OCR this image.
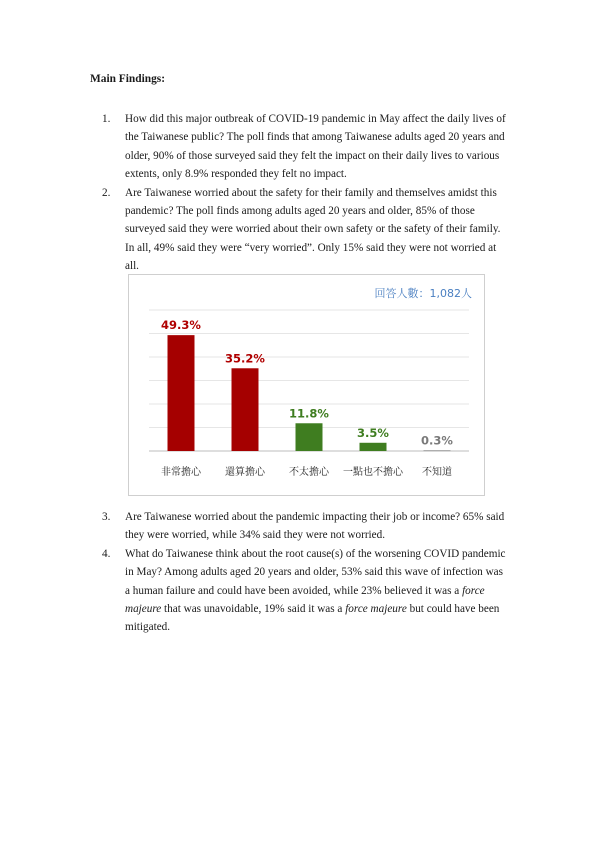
Main Findings:
1. How did this major outbreak of COVID-19 pandemic in May affect the daily lives of the Taiwanese public? The poll finds that among Taiwanese adults aged 20 years and older, 90% of those surveyed said they felt the impact on their daily lives to various extents, only 8.9% responded they felt no impact.
2. Are Taiwanese worried about the safety for their family and themselves amidst this pandemic? The poll finds among adults aged 20 years and older, 85% of those surveyed said they were worried about their own safety or the safety of their family. In all, 49% said they were “very worried”. Only 15% said they were not worried at all.
回答人數：1,082人
49.3%
非常擔心
35.2%
還算擔心
11.8%
不太擔心
3.5%
一點也不擔心
0.3%
不知道
3. Are Taiwanese worried about the pandemic impacting their job or income? 65% said they were worried, while 34% said they were not worried.
4. What do Taiwanese think about the root cause(s) of the worsening COVID pandemic in May? Among adults aged 20 years and older, 53% said this wave of infection was a human failure and could have been avoided, while 23% believed it was a force majeure that was unavoidable, 19% said it was a force majeure but could have been mitigated.
